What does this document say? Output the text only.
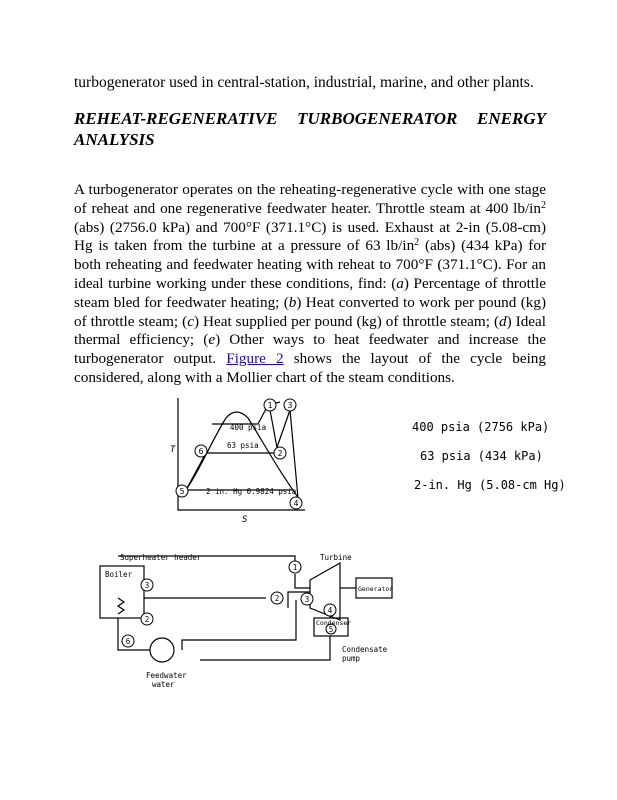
turbogenerator used in central-station, industrial, marine, and other plants.
REHEAT-REGENERATIVE TURBOGENERATOR ENERGY ANALYSIS
A turbogenerator operates on the reheating-regenerative cycle with one stage of reheat and one regenerative feedwater heater. Throttle steam at 400 $lb/in^2$ (abs) (2756.0 kPa) and 700°F (371.1°C) is used. Exhaust at 2-in (5.08-cm) Hg is taken from the turbine at a pressure of 63 $lb/in^2$ (abs) (434 kPa) for both reheating and feedwater heating with reheat to 700°F (371.1°C). For an ideal turbine working under these conditions, find: (a) Percentage of throttle steam bled for feedwater heating; (b) Heat converted to work per pound (kg) of throttle steam; (c) Heat supplied per pound (kg) of throttle steam; (d) Ideal thermal efficiency; (e) Other ways to heat feedwater and increase the turbogenerator output. Figure 2 shows the layout of the cycle being considered, along with a Mollier chart of the steam conditions.
1 3
6	2
5
4
400 psia
63 psia
2 in. Hg 0.9824 psia
T
S
400 psia (2756 kPa)
63 psia (434 kPa)
2-in. Hg (5.08-cm Hg)
1
2	3
3
2
6
4
5
Superheater header
Boiler
Turbine
Generator
Condenser
Condensate
pump
Feedwater
water
